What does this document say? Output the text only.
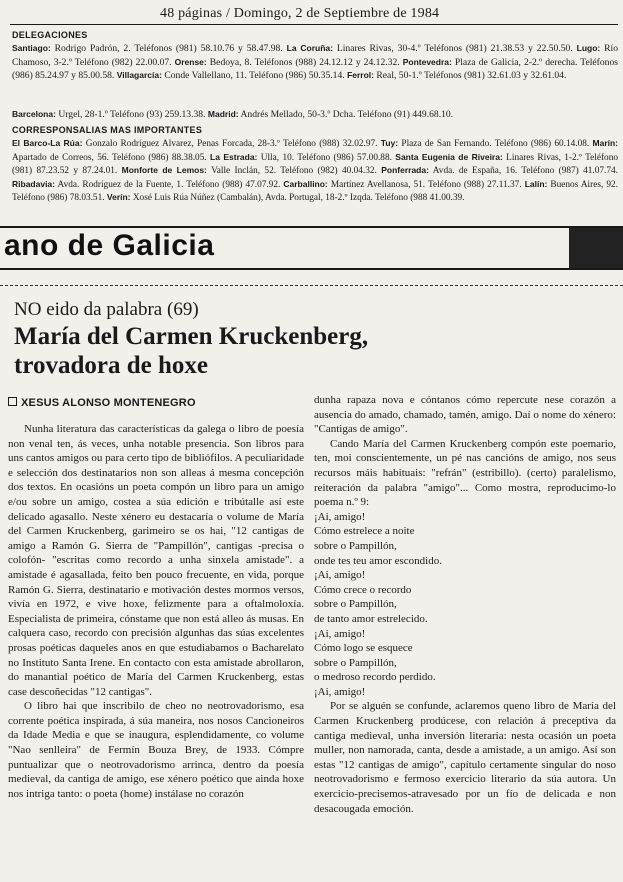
48 páginas / Domingo, 2 de Septiembre de 1984
DELEGACIONES
Santiago: Rodrigo Padrón, 2. Teléfonos (981) 58.10.76 y 58.47.98. La Coruña: Linares Rivas, 30-4.º Teléfonos (981) 21.38.53 y 22.50.50. Lugo: Río Chamoso, 3-2.º Teléfono (982) 22.00.07. Orense: Bedoya, 8. Teléfonos (988) 24.12.12 y 24.12.32. Pontevedra: Plaza de Galicia, 2-2.º derecha. Teléfonos (986) 85.24.97 y 85.00.58. Villagarcía: Conde Vallellano, 11. Teléfono (986) 50.35.14. Ferrol: Real, 50-1.º Teléfonos (981) 32.61.03 y 32.61.04.
Barcelona: Urgel, 28-1.º Teléfono (93) 259.13.38. Madrid: Andrés Mellado, 50-3.º Dcha. Teléfono (91) 449.68.10.
CORRESPONSALIAS MAS IMPORTANTES
El Barco-La Rúa: Gonzalo Rodríguez Alvarez, Penas Forcada, 28-3.º Teléfono (988) 32.02.97. Tuy: Plaza de San Fernando. Teléfono (986) 60.14.08. Marín: Apartado de Correos, 56. Teléfono (986) 88.38.05. La Estrada: Ulla, 10. Teléfono (986) 57.00.88. Santa Eugenia de Riveira: Linares Rivas, 1-2.º Teléfono (981) 87.23.52 y 87.24.01. Monforte de Lemos: Valle Inclán, 52. Teléfono (982) 40.04.32. Ponferrada: Avda. de España, 16. Teléfono (987) 41.07.74. Ribadavia: Avda. Rodríguez de la Fuente, 1. Teléfono (988) 47.07.92. Carballino: Martínez Avellanosa, 51. Teléfono (988) 27.11.37. Lalín: Buenos Aires, 92. Teléfono (986) 78.03.51. Verín: Xosé Luis Rúa Núñez (Cambalán), Avda. Portugal, 18-2.º Izqda. Teléfono (988 41.00.39.
ano de Galicia
NO eido da palabra (69)
María del Carmen Kruckenberg,
trovadora de hoxe
XESUS ALONSO MONTENEGRO

Nunha literatura das características da galega o libro de poesía non venal ten, ás veces, unha notable presencia. Son libros para uns cantos amigos ou para certo tipo de bibliófilos. A peculiaridade e selección dos destinatarios non son alleas á mesma concepción dos textos. En ocasións un poeta compón un libro para un amigo e/ou sobre un amigo, costea a súa edición e tribútalle así este delicado agasallo. Neste xénero eu destacaría o volume de María del Carmen Kruckenberg, garimeiro se os hai, "12 cantigas de amigo a Ramón G. Sierra de "Pampillón", cantigas -precisa o colofón- "escritas como recordo a unha sinxela amistade". a amistade é agasallada, feito ben pouco frecuente, en vida, porque Ramón G. Sierra, destinatario e motivación destes mormos versos, vivía en 1972, e vive hoxe, felizmente para a oftalmoloxía. Especialista de primeira, cónstame que non está alleo ás musas. En calquera caso, recordo con precisión algunhas das súas excelentes prosas poéticas daqueles anos en que estudiabamos o Bacharelato no Instituto Santa Irene. En contacto con esta amistade abrollaron, do manantial poético de María del Carmen Kruckenberg, estas case descoñecidas "12 cantigas".

O libro hai que inscribilo de cheo no neotrovadorismo, esa corrente poética inspirada, á súa maneira, nos nosos Cancioneiros da Idade Media e que se inaugura, esplendidamente, co volume "Nao senlleira" de Fermín Bouza Brey, de 1933. Cómpre puntualizar que o neotrovadorismo arrinca, dentro da poesía medieval, da cantiga de amigo, ese xénero poético que ainda hoxe nos intriga tanto: o poeta (home) instálase no corazón

dunha rapaza nova e cóntanos cómo repercute nese corazón a ausencia do amado, chamado, tamén, amigo. Daí o nome do xénero: "Cantigas de amigo".

Cando María del Carmen Kruckenberg compón este poemario, ten, moi conscientemente, un pé nas cancións de amigo, nos seus recursos máis habituais: "refrán" (estribillo). (certo) paralelismo, reiteración da palabra "amigo"... Como mostra, reproducimo-lo poema n.º 9:

¡Ai, amigo!
Cómo estrelece a noite
sobre o Pampillón,
onde tes teu amor escondido.
¡Ai, amigo!
Cómo crece o recordo
sobre o Pampillón,
de tanto amor estrelecido.
¡Ai, amigo!
Cómo logo se esquece
sobre o Pampillón,
o medroso recordo perdido.
¡Ai, amigo!

Por se alguén se confunde, aclaremos queno libro de María del Carmen Kruckenberg prodúcese, con relación á preceptiva da cantiga medieval, unha inversión literaria: nesta ocasión un poeta muller, non namorada, canta, desde a amistade, a un amigo. Así son estas "12 cantigas de amigo", capítulo certamente singular do noso neotrovadorismo e fermoso exercicio literario da súa autora. Un exercicio-precisemos-atravesado por un fío de delicada e non desacougada emoción.
